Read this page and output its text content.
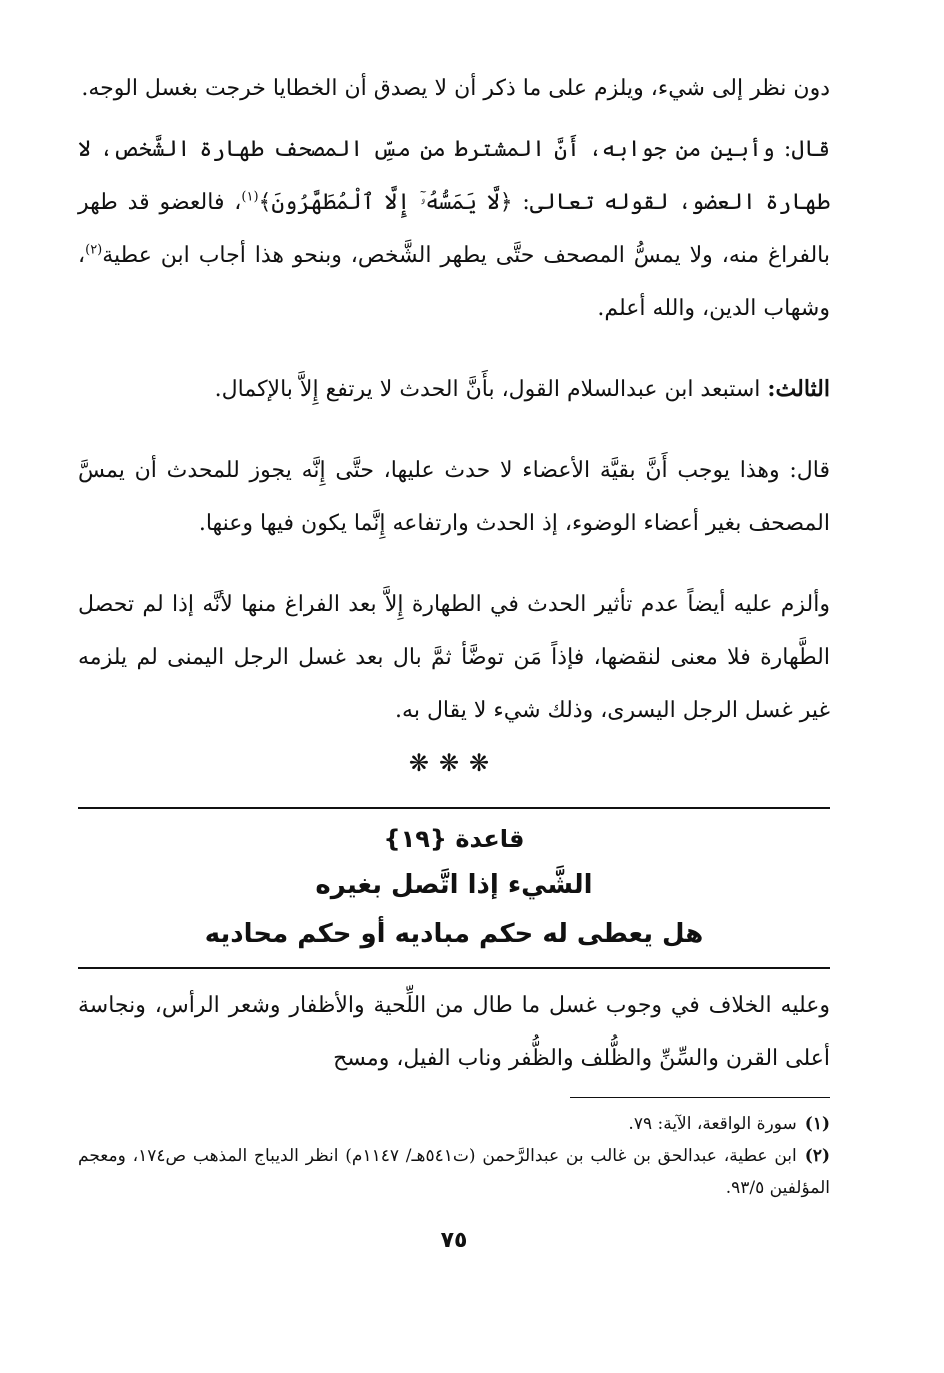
دون نظر إلى شيء، ويلزم على ما ذكر أن لا يصدق أن الخطايا خرجت بغسل الوجه.

قال: وأبين من جوابه، أَنَّ المشترط من مسِّ المصحف طهارة الشَّخص، لا طهارة العضو، لقوله تعالى: ﴿لَّا يَمَسُّهُۥٓ إِلَّا ٱلْمُطَهَّرُونَ﴾$^{(١)}$، فالعضو قد طهر بالفراغ منه، ولا يمسُّ المصحف حتَّى يطهر الشَّخص، وبنحو هذا أجاب ابن عطية$^{(٢)}$، وشهاب الدين، والله أعلم.

الثالث: استبعد ابن عبدالسلام القول، بأَنَّ الحدث لا يرتفع إِلاَّ بالإكمال.

قال: وهذا يوجب أَنَّ بقيَّة الأعضاء لا حدث عليها، حتَّى إِنَّه يجوز للمحدث أن يمسَّ المصحف بغير أعضاء الوضوء، إذ الحدث وارتفاعه إِنَّما يكون فيها وعنها.

وألزم عليه أيضاً عدم تأثير الحدث في الطهارة إِلاَّ بعد الفراغ منها لأنَّه إذا لم تحصل الطَّهارة فلا معنى لنقضها، فإذاً مَن توضَّأ ثمَّ بال بعد غسل الرجل اليمنى لم يلزمه غير غسل الرجل اليسرى، وذلك شيء لا يقال به.

❋❋❋

قاعدة {١٩}

الشَّيء إذا اتَّصل بغيره

هل يعطى له حكم مباديه أو حكم محاديه

وعليه الخلاف في وجوب غسل ما طال من اللِّحية والأظفار وشعر الرأس، ونجاسة أعلى القرن والسِّنِّ والظُّلف والظُّفر وناب الفيل، ومسح

(١)سورة الواقعة، الآية: ٧٩.

(٢)ابن عطية، عبدالحق بن غالب بن عبدالرَّحمن (ت٥٤١هـ/ ١١٤٧م) انظر الديباج المذهب ص١٧٤، ومعجم المؤلفين ٩٣/٥.

٧٥
